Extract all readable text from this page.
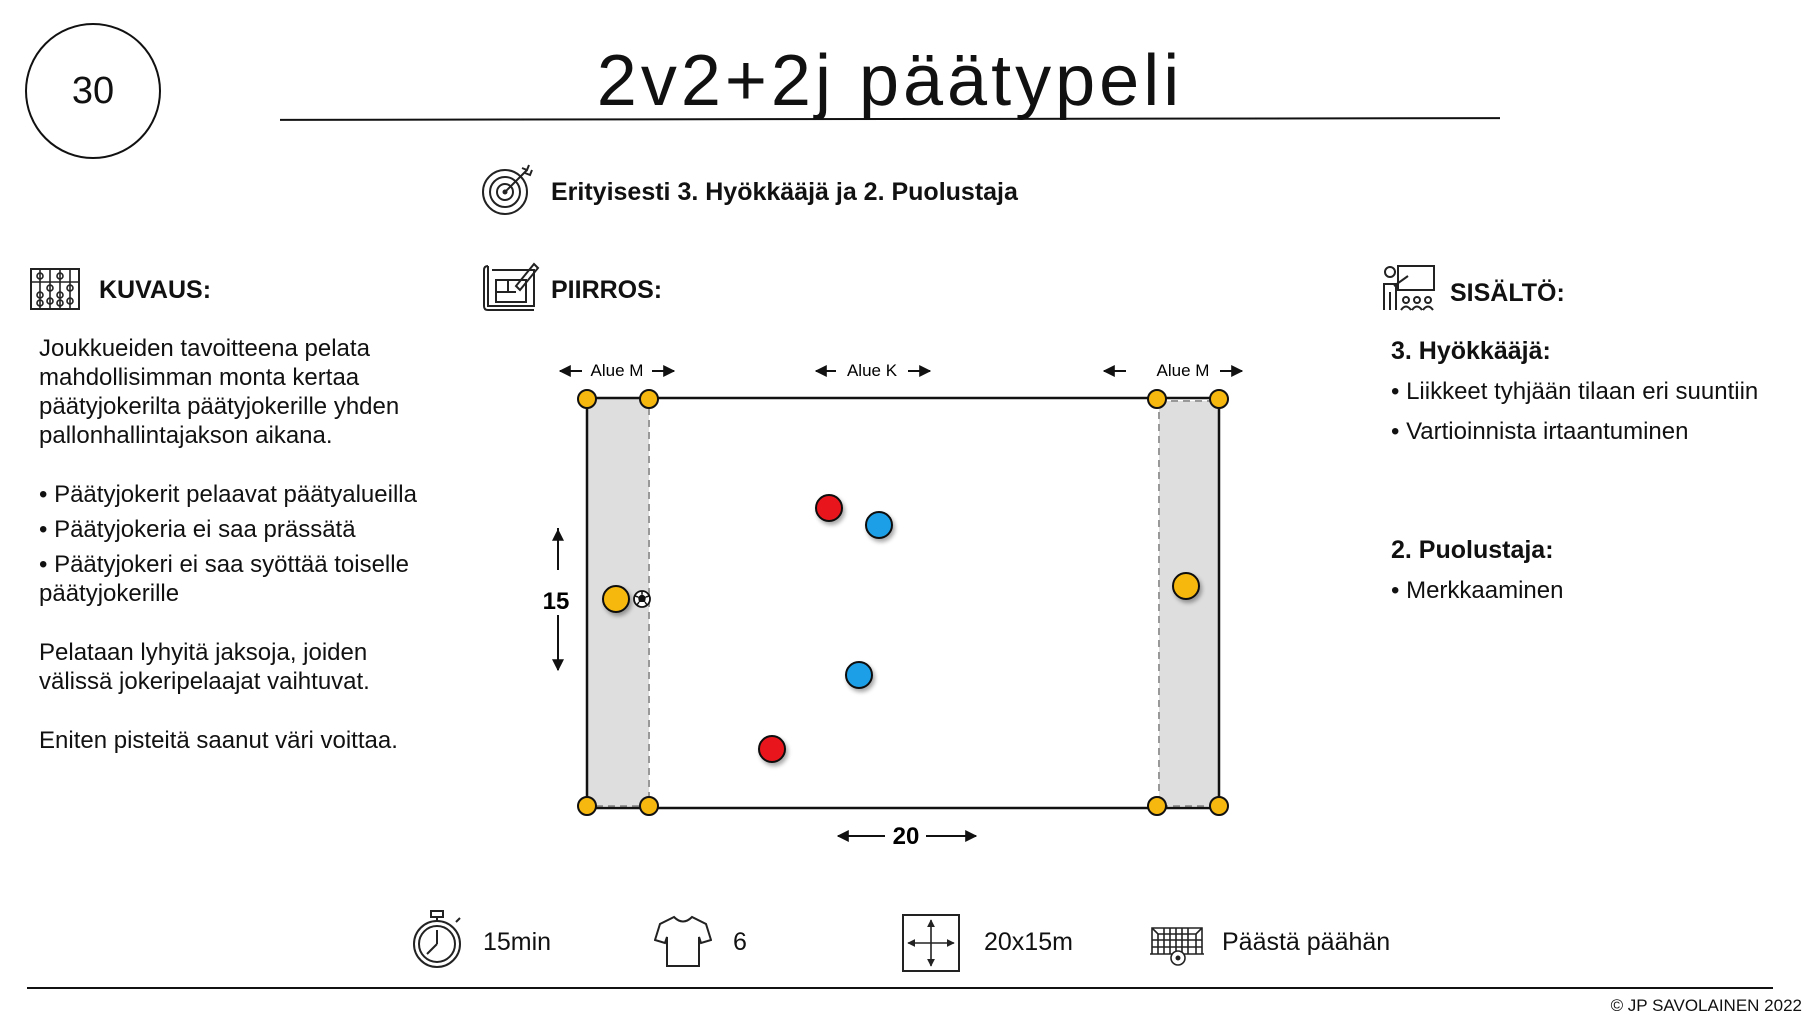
30	2v2+2j päätypeli
Erityisesti 3. Hyökkääjä ja 2. Puolustaja
KUVAUS:

Joukkueiden tavoitteena pelata mahdollisimman monta kertaa päätyjokerilta päätyjokerille yhden pallonhallintajakson aikana.

• Päätyjokerit pelaavat päätyalueilla

• Päätyjokeria ei saa prässätä

• Päätyjokeri ei saa syöttää toiselle päätyjokerille

Pelataan lyhyitä jaksoja, joiden välissä jokeripelaajat vaihtuvat.

Eniten pisteitä saanut väri voittaa.

PIIRROS:
Alue M	Alue K	Alue M
15
20
SISÄLTÖ:
3. Hyökkääjä:
• Liikkeet tyhjään tilaan eri suuntiin
• Vartioinnista irtaantuminen
2. Puolustaja:
• Merkkaaminen
15min	6	20x15m	Päästä päähän
© JP SAVOLAINEN 2022
